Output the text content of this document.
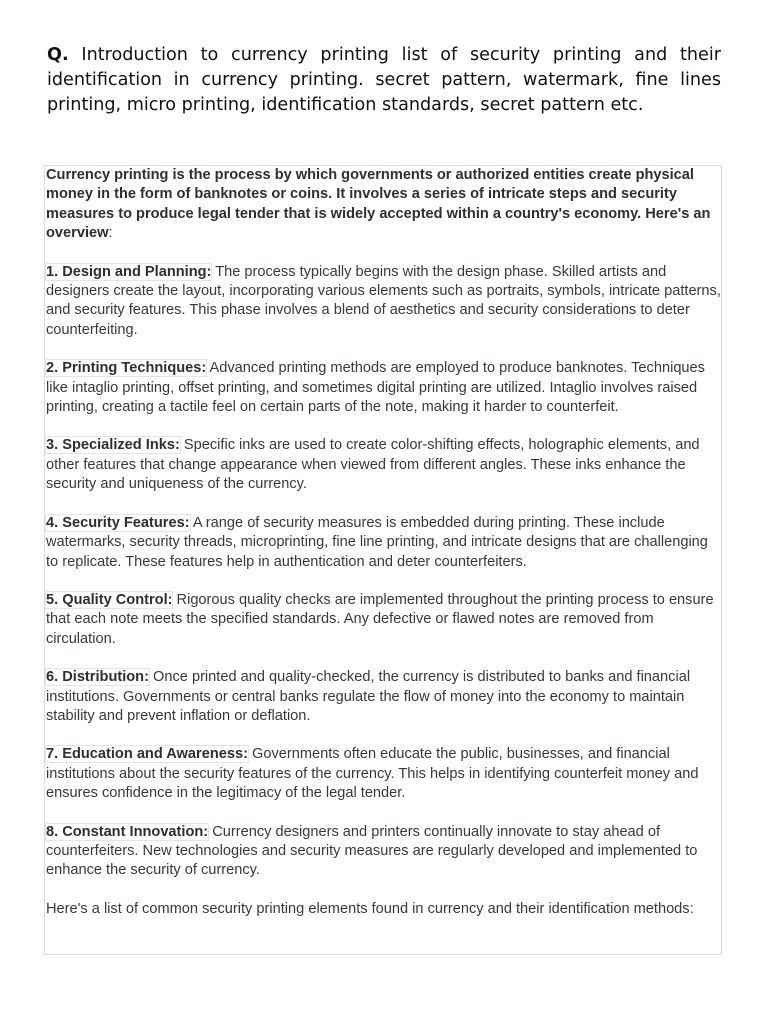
Q. Introduction to currency printing list of security printing and their identification in currency printing. secret pattern, watermark, fine lines printing, micro printing, identification standards, secret pattern etc.

Currency printing is the process by which governments or authorized entities create physical money in the form of banknotes or coins. It involves a series of intricate steps and security measures to produce legal tender that is widely accepted within a country's economy. Here's an overview:

1. Design and Planning: The process typically begins with the design phase. Skilled artists and designers create the layout, incorporating various elements such as portraits, symbols, intricate patterns, and security features. This phase involves a blend of aesthetics and security considerations to deter counterfeiting.

2. Printing Techniques: Advanced printing methods are employed to produce banknotes. Techniques like intaglio printing, offset printing, and sometimes digital printing are utilized. Intaglio involves raised printing, creating a tactile feel on certain parts of the note, making it harder to counterfeit.

3. Specialized Inks: Specific inks are used to create color-shifting effects, holographic elements, and other features that change appearance when viewed from different angles. These inks enhance the security and uniqueness of the currency.

4. Security Features: A range of security measures is embedded during printing. These include watermarks, security threads, microprinting, fine line printing, and intricate designs that are challenging to replicate. These features help in authentication and deter counterfeiters.

5. Quality Control: Rigorous quality checks are implemented throughout the printing process to ensure that each note meets the specified standards. Any defective or flawed notes are removed from circulation.

6. Distribution: Once printed and quality-checked, the currency is distributed to banks and financial institutions. Governments or central banks regulate the flow of money into the economy to maintain stability and prevent inflation or deflation.

7. Education and Awareness: Governments often educate the public, businesses, and financial institutions about the security features of the currency. This helps in identifying counterfeit money and ensures confidence in the legitimacy of the legal tender.

8. Constant Innovation: Currency designers and printers continually innovate to stay ahead of counterfeiters. New technologies and security measures are regularly developed and implemented to enhance the security of currency.

Here's a list of common security printing elements found in currency and their identification methods:
